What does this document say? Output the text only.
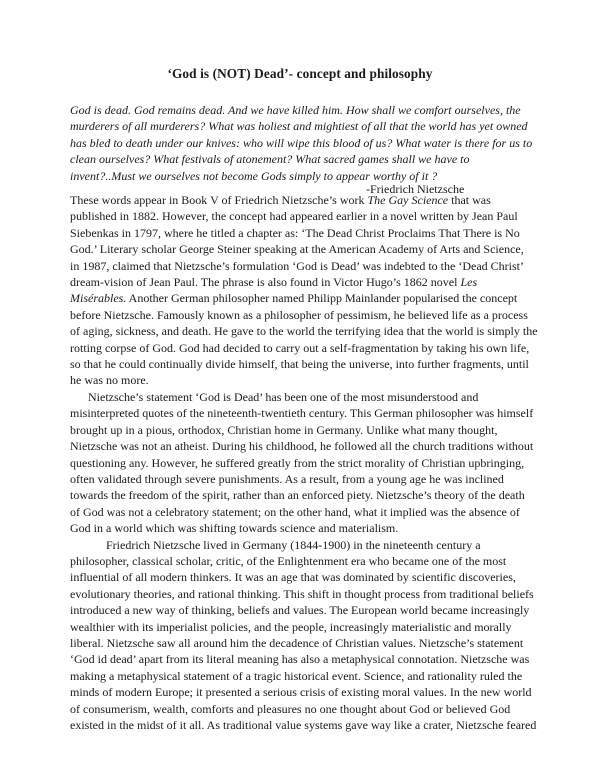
‘God is (NOT) Dead’- concept and philosophy
God is dead. God remains dead. And we have killed him. How shall we comfort ourselves, the
murderers of all murderers? What was holiest and mightiest of all that the world has yet owned
has bled to death under our knives: who will wipe this blood of us? What water is there for us to
clean ourselves? What festivals of atonement? What sacred games shall we have to
invent?..Must we ourselves not become Gods simply to appear worthy of it ?
-Friedrich Nietzsche

These words appear in Book V of Friedrich Nietzsche’s work The Gay Science that was
published in 1882. However, the concept had appeared earlier in a novel written by Jean Paul
Siebenkas in 1797, where he titled a chapter as: ‘The Dead Christ Proclaims That There is No
God.’ Literary scholar George Steiner speaking at the American Academy of Arts and Science,
in 1987, claimed that Nietzsche’s formulation ‘God is Dead’ was indebted to the ‘Dead Christ’
dream-vision of Jean Paul. The phrase is also found in Victor Hugo’s 1862 novel Les
Misérables. Another German philosopher named Philipp Mainlander popularised the concept
before Nietzsche. Famously known as a philosopher of pessimism, he believed life as a process
of aging, sickness, and death. He gave to the world the terrifying idea that the world is simply the
rotting corpse of God. God had decided to carry out a self-fragmentation by taking his own life,
so that he could continually divide himself, that being the universe, into further fragments, until
he was no more.

Nietzsche’s statement ‘God is Dead’ has been one of the most misunderstood and
misinterpreted quotes of the nineteenth-twentieth century. This German philosopher was himself
brought up in a pious, orthodox, Christian home in Germany. Unlike what many thought,
Nietzsche was not an atheist. During his childhood, he followed all the church traditions without
questioning any. However, he suffered greatly from the strict morality of Christian upbringing,
often validated through severe punishments. As a result, from a young age he was inclined
towards the freedom of the spirit, rather than an enforced piety. Nietzsche’s theory of the death
of God was not a celebratory statement; on the other hand, what it implied was the absence of
God in a world which was shifting towards science and materialism.

Friedrich Nietzsche lived in Germany (1844-1900) in the nineteenth century a
philosopher, classical scholar, critic, of the Enlightenment era who became one of the most
influential of all modern thinkers. It was an age that was dominated by scientific discoveries,
evolutionary theories, and rational thinking. This shift in thought process from traditional beliefs
introduced a new way of thinking, beliefs and values. The European world became increasingly
wealthier with its imperialist policies, and the people, increasingly materialistic and morally
liberal. Nietzsche saw all around him the decadence of Christian values. Nietzsche’s statement
‘God id dead’ apart from its literal meaning has also a metaphysical connotation. Nietzsche was
making a metaphysical statement of a tragic historical event. Science, and rationality ruled the
minds of modern Europe; it presented a serious crisis of existing moral values. In the new world
of consumerism, wealth, comforts and pleasures no one thought about God or believed God
existed in the midst of it all. As traditional value systems gave way like a crater, Nietzsche feared
